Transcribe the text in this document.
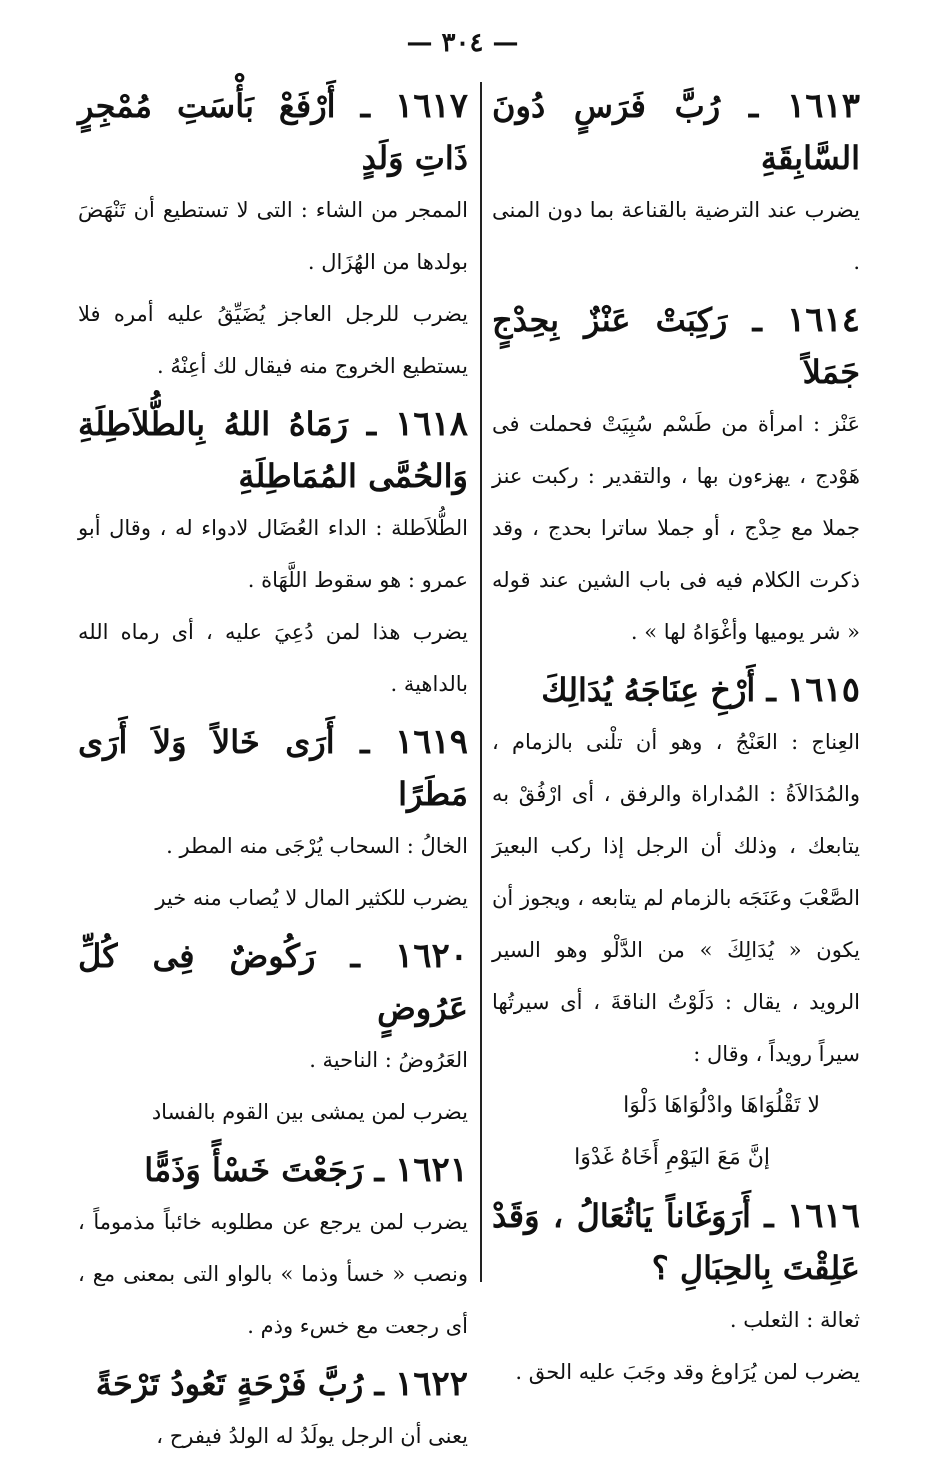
— ٣٠٤ —

١٦١٣ ـ رُبَّ فَرَسٍ دُونَ السَّابِقَةِ

يضرب عند الترضية بالقناعة بما دون المنى .

١٦١٤ ـ رَكِبَتْ عَنْزٌ بِحِدْجٍ جَمَلاً

عَنْز : امرأة من طَسْم سُبِيَتْ فحملت فى هَوْدج ، يهزءون بها ، والتقدير : ركبت عنز جملا مع حِدْج ، أو جملا ساترا بحدج ، وقد ذكرت الكلام فيه فى باب الشين عند قوله « شر يوميها وأغْوَاهُ لها » .

١٦١٥ ـ أَرْخِ عِنَاجَهُ يُدَالِكَ

العِناج : العَنْجُ ، وهو أن تلْنى بالزمام ، والمُدَالاَةُ : المُداراة والرفق ، أى ارْفُقْ به يتابعك ، وذلك أن الرجل إذا ركب البعيرَ الصَّعْبَ وعَنَجَه بالزمام لم يتابعه ، ويجوز أن يكون « يُدَالِكَ » من الدَّلْو وهو السير الرويد ، يقال : دَلَوْتُ الناقةَ ، أى سيرتُها سيراً رويداً ، وقال :

لا تَقْلُوَاهَا وادْلُوَاهَا دَلْوَا

إنَّ مَعَ اليَوْمِ أَخَاهُ غَدْوَا

١٦١٦ ـ أَرَوَغَاناً يَاثُعَالُ ، وَقَدْ عَلِقْتَ بِالحِبَالِ ؟

ثعالة : الثعلب .

يضرب لمن يُرَاوغ وقد وجَبَ عليه الحق .

١٦١٧ ـ أَرْفَعْ بَأْسَتِ مُمْجِرٍ ذَاتِ وَلَدٍ

الممجر من الشاء : التى لا تستطيع أن تَنْهَضَ بولدها من الهُزَال .

يضرب للرجل العاجز يُضَيِّقُ عليه أمره فلا يستطيع الخروج منه فيقال لك أعِنْهُ .

١٦١٨ ـ رَمَاهُ اللهُ بِالطُّلاَطِلَةِ وَالحُمَّى المُمَاطِلَةِ

الطُّلاَطلة : الداء العُضَال لادواء له ، وقال أبو عمرو : هو سقوط اللَّهَاة .

يضرب هذا لمن دُعِيَ عليه ، أى رماه الله بالداهية .

١٦١٩ ـ أَرَى خَالاً وَلاَ أَرَى مَطَرًا

الخالُ : السحاب يُرْجَى منه المطر .

يضرب للكثير المال لا يُصاب منه خير

١٦٢٠ ـ رَكُوضٌ فِى كُلِّ عَرُوضٍ

العَرُوضُ : الناحية .

يضرب لمن يمشى بين القوم بالفساد

١٦٢١ ـ رَجَعْتَ خَسْأً وَذَمًّا

يضرب لمن يرجع عن مطلوبه خائباً مذموماً ، ونصب « خسأ وذما » بالواو التى بمعنى مع ، أى رجعت مع خسء وذم .

١٦٢٢ ـ رُبَّ فَرْحَةٍ تَعُودُ تَرْحَةً

يعنى أن الرجل يولَدُ له الولدُ فيفرح ،
